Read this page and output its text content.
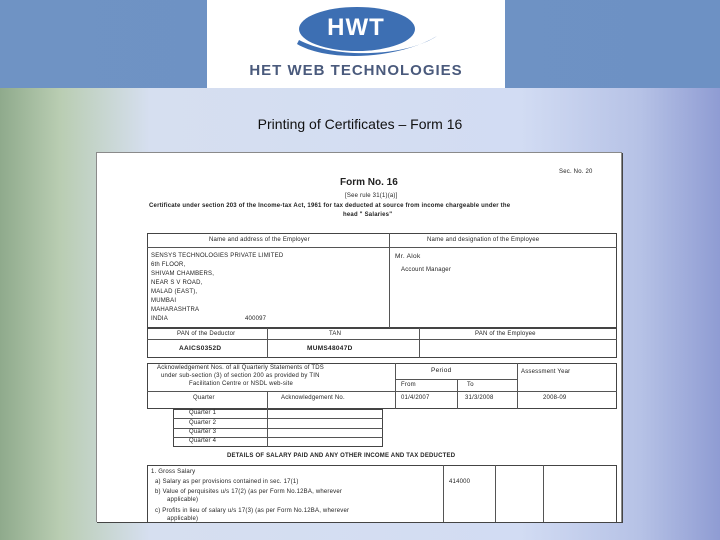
HWT
HET WEB TECHNOLOGIES
Printing of Certificates – Form 16
Sec. No. 20
Form No. 16
[See rule 31(1)(a)]
Certificate under section 203 of the Income-tax Act, 1961 for tax deducted at source from income chargeable under the
head " Salaries"
Name and address of the Employer	Name and designation of the Employee
SENSYS TECHNOLOGIES PRIVATE LIMITED
6th FLOOR,
SHIVAM CHAMBERS,
NEAR S V ROAD,
MALAD (EAST),
MUMBAI
MAHARASHTRA
INDIA	400097
Mr. Alok
Account Manager
PAN of the Deductor	TAN	PAN of the Employee
AAICS0352D	MUMS48047D
Acknowledgement Nos. of all Quarterly Statements of TDS
under sub-section (3) of section 200 as provided by TIN
Facilitation Centre or NSDL web-site
Period	Assessment Year
From	To
Quarter	Acknowledgement No.	01/4/2007	31/3/2008	2008-09
Quarter 1
Quarter 2
Quarter 3
Quarter 4
DETAILS OF SALARY PAID AND ANY OTHER INCOME AND TAX DEDUCTED
1. Gross Salary
a) Salary as per provisions contained in sec. 17(1)	414000
b) Value of perquisites u/s 17(2) (as per Form No.12BA, wherever
applicable)
c) Profits in lieu of salary u/s 17(3) (as per Form No.12BA, wherever
applicable)
